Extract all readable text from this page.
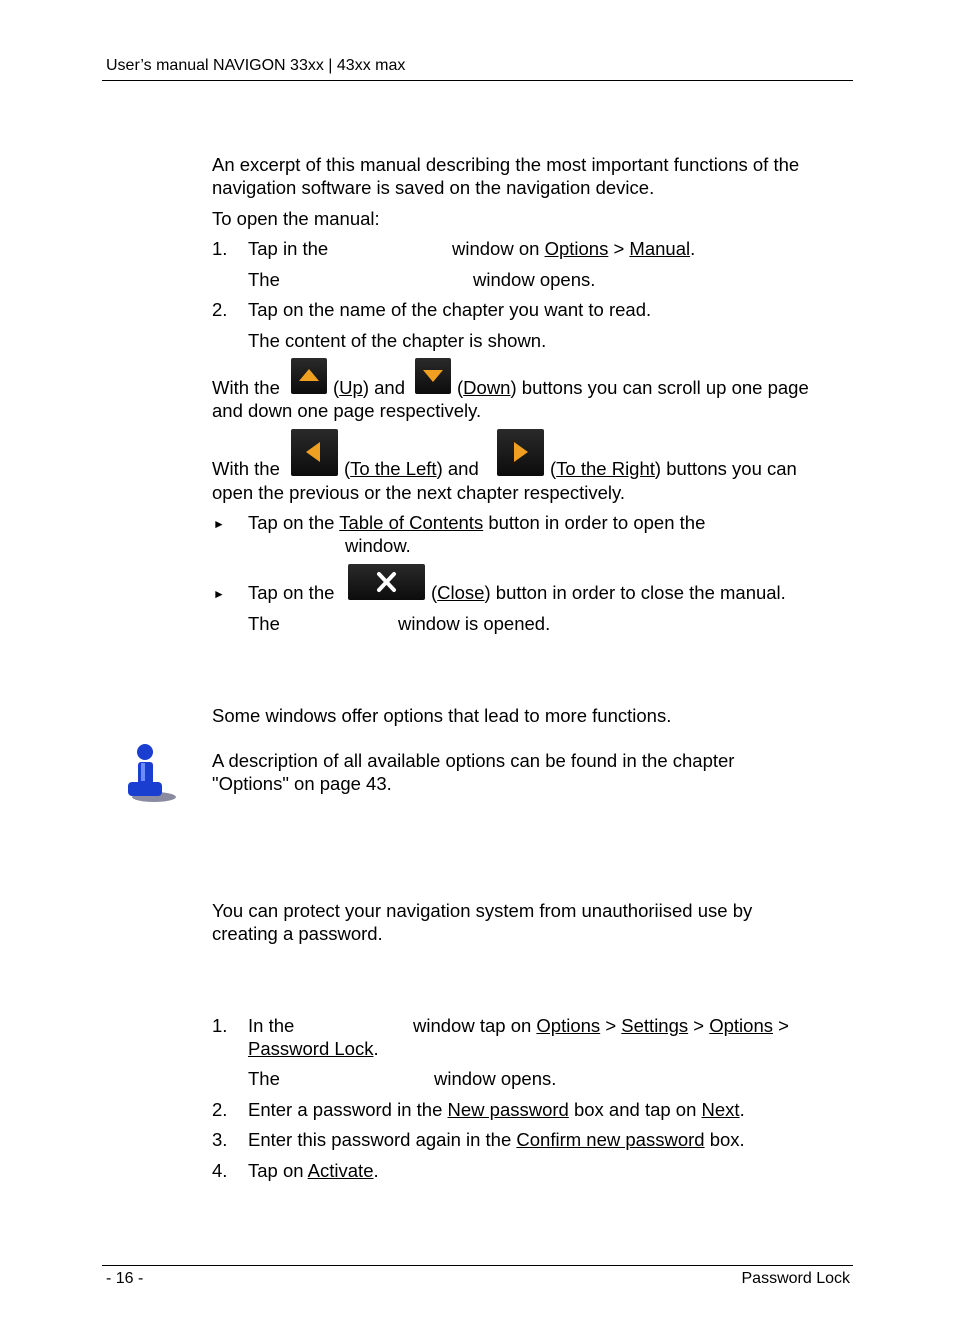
User’s manual NAVIGON 33xx | 43xx max
An excerpt of this manual describing the most important functions of the
navigation software is saved on the navigation device.
To open the manual:
1. Tap in the	window on Options > Manual.
The	window opens.
2. Tap on the name of the chapter you want to read.
The content of the chapter is shown.
With the	(Up) and	(Down) buttons you can scroll up one page
and down one page respectively.
With the	(To the Left) and	(To the Right) buttons you can
open the previous or the next chapter respectively.
► Tap on the Table of Contents button in order to open the
window.
► Tap on the	(Close) button in order to close the manual.
The	window is opened.
Some windows offer options that lead to more functions.
A description of all available options can be found in the chapter
"Options" on page 43.
You can protect your navigation system from unauthoriised use by
creating a password.
1. In the	window tap on Options > Settings > Options >
Password Lock.
The	window opens.
2. Enter a password in the New password box and tap on Next.
3. Enter this password again in the Confirm new password box.
4. Tap on Activate.
- 16 -	Password Lock
